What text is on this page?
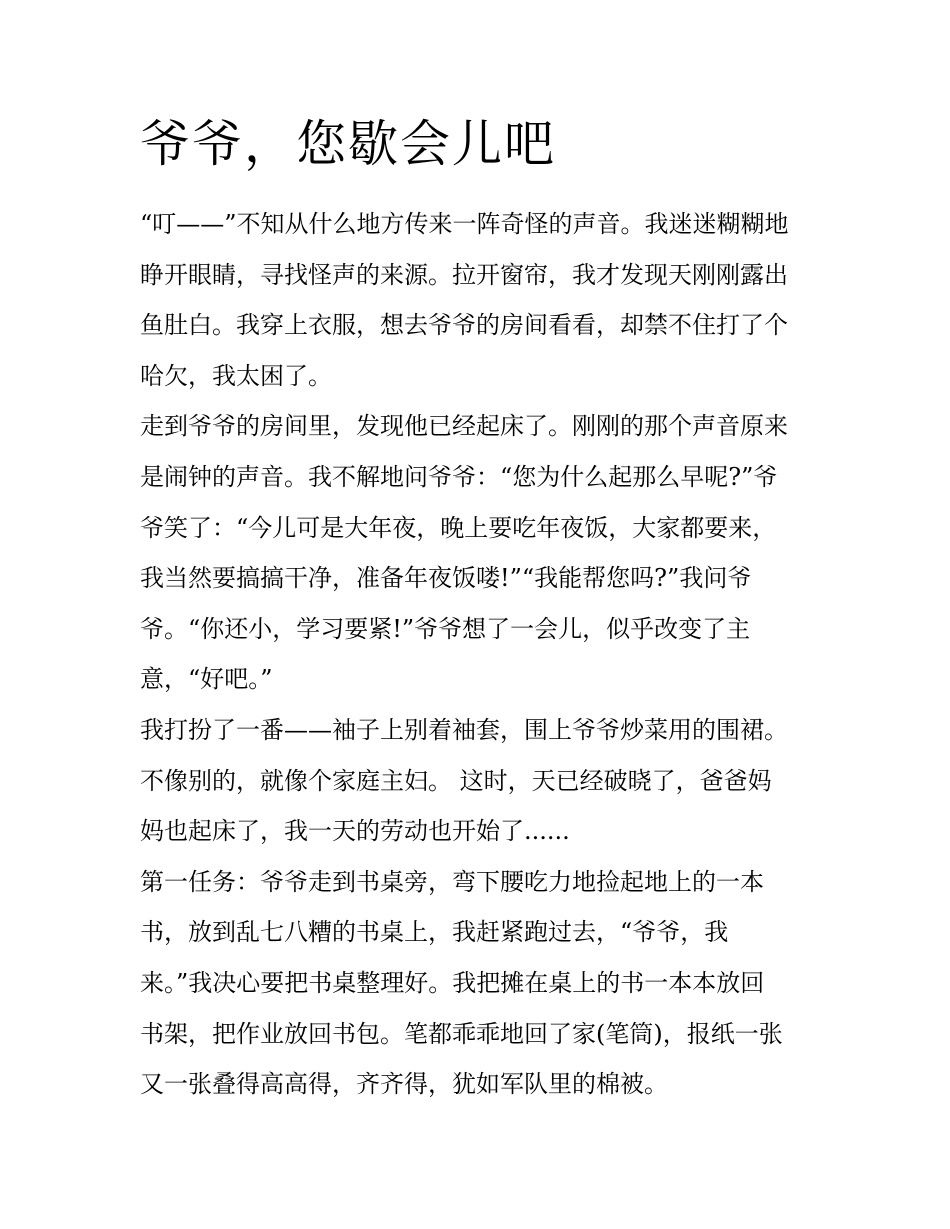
爷爷，您歇会儿吧
“叮——”不知从什么地方传来一阵奇怪的声音。我迷迷糊糊地
睁开眼睛，寻找怪声的来源。拉开窗帘，我才发现天刚刚露出
鱼肚白。我穿上衣服，想去爷爷的房间看看，却禁不住打了个
哈欠，我太困了。
走到爷爷的房间里，发现他已经起床了。刚刚的那个声音原来
是闹钟的声音。我不解地问爷爷：“您为什么起那么早呢?”爷
爷笑了：“今儿可是大年夜，晚上要吃年夜饭，大家都要来，
我当然要搞搞干净，准备年夜饭喽!”“我能帮您吗?”我问爷
爷。“你还小，学习要紧!”爷爷想了一会儿，似乎改变了主
意，“好吧。”
我打扮了一番——袖子上别着袖套，围上爷爷炒菜用的围裙。
不像别的，就像个家庭主妇。 这时，天已经破晓了，爸爸妈
妈也起床了，我一天的劳动也开始了......
第一任务：爷爷走到书桌旁，弯下腰吃力地捡起地上的一本
书，放到乱七八糟的书桌上，我赶紧跑过去，“爷爷，我
来。”我决心要把书桌整理好。我把摊在桌上的书一本本放回
书架，把作业放回书包。笔都乖乖地回了家(笔筒)，报纸一张
又一张叠得高高得，齐齐得，犹如军队里的棉被。
